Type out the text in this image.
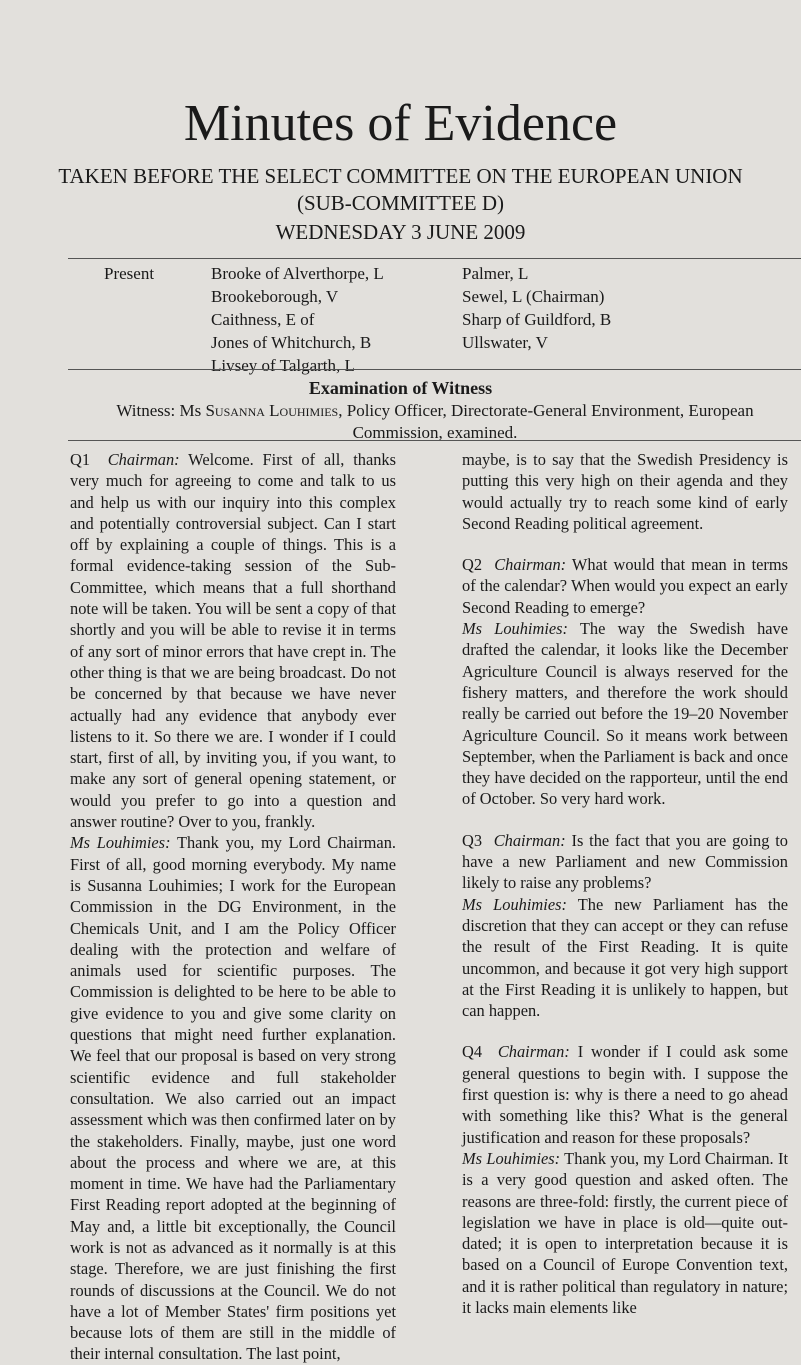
Minutes of Evidence
TAKEN BEFORE THE SELECT COMMITTEE ON THE EUROPEAN UNION
(SUB-COMMITTEE D)
WEDNESDAY 3 JUNE 2009
Present	Brooke of Alverthorpe, L
Brookeborough, V
Caithness, E of
Jones of Whitchurch, B
Livsey of Talgarth, L
Palmer, L
Sewel, L (Chairman)
Sharp of Guildford, B
Ullswater, V
Examination of Witness
Witness: Ms Susanna Louhimies, Policy Officer, Directorate-General Environment, European Commission, examined.

Q1 Chairman: Welcome. First of all, thanks very much for agreeing to come and talk to us and help us with our inquiry into this complex and potentially controversial subject. Can I start off by explaining a couple of things. This is a formal evidence-taking session of the Sub-Committee, which means that a full shorthand note will be taken. You will be sent a copy of that shortly and you will be able to revise it in terms of any sort of minor errors that have crept in. The other thing is that we are being broadcast. Do not be concerned by that because we have never actually had any evidence that anybody ever listens to it. So there we are. I wonder if I could start, first of all, by inviting you, if you want, to make any sort of general opening statement, or would you prefer to go into a question and answer routine? Over to you, frankly.

Ms Louhimies: Thank you, my Lord Chairman. First of all, good morning everybody. My name is Susanna Louhimies; I work for the European Commission in the DG Environment, in the Chemicals Unit, and I am the Policy Officer dealing with the protection and welfare of animals used for scientific purposes. The Commission is delighted to be here to be able to give evidence to you and give some clarity on questions that might need further explanation. We feel that our proposal is based on very strong scientific evidence and full stakeholder consultation. We also carried out an impact assessment which was then confirmed later on by the stakeholders. Finally, maybe, just one word about the process and where we are, at this moment in time. We have had the Parliamentary First Reading report adopted at the beginning of May and, a little bit exceptionally, the Council work is not as advanced as it normally is at this stage. Therefore, we are just finishing the first rounds of discussions at the Council. We do not have a lot of Member States' firm positions yet because lots of them are still in the middle of their internal consultation. The last point,

maybe, is to say that the Swedish Presidency is putting this very high on their agenda and they would actually try to reach some kind of early Second Reading political agreement.

Q2 Chairman: What would that mean in terms of the calendar? When would you expect an early Second Reading to emerge?

Ms Louhimies: The way the Swedish have drafted the calendar, it looks like the December Agriculture Council is always reserved for the fishery matters, and therefore the work should really be carried out before the 19–20 November Agriculture Council. So it means work between September, when the Parliament is back and once they have decided on the rapporteur, until the end of October. So very hard work.

Q3 Chairman: Is the fact that you are going to have a new Parliament and new Commission likely to raise any problems?

Ms Louhimies: The new Parliament has the discretion that they can accept or they can refuse the result of the First Reading. It is quite uncommon, and because it got very high support at the First Reading it is unlikely to happen, but can happen.

Q4 Chairman: I wonder if I could ask some general questions to begin with. I suppose the first question is: why is there a need to go ahead with something like this? What is the general justification and reason for these proposals?

Ms Louhimies: Thank you, my Lord Chairman. It is a very good question and asked often. The reasons are three-fold: firstly, the current piece of legislation we have in place is old—quite out-dated; it is open to interpretation because it is based on a Council of Europe Convention text, and it is rather political than regulatory in nature; it lacks main elements like
